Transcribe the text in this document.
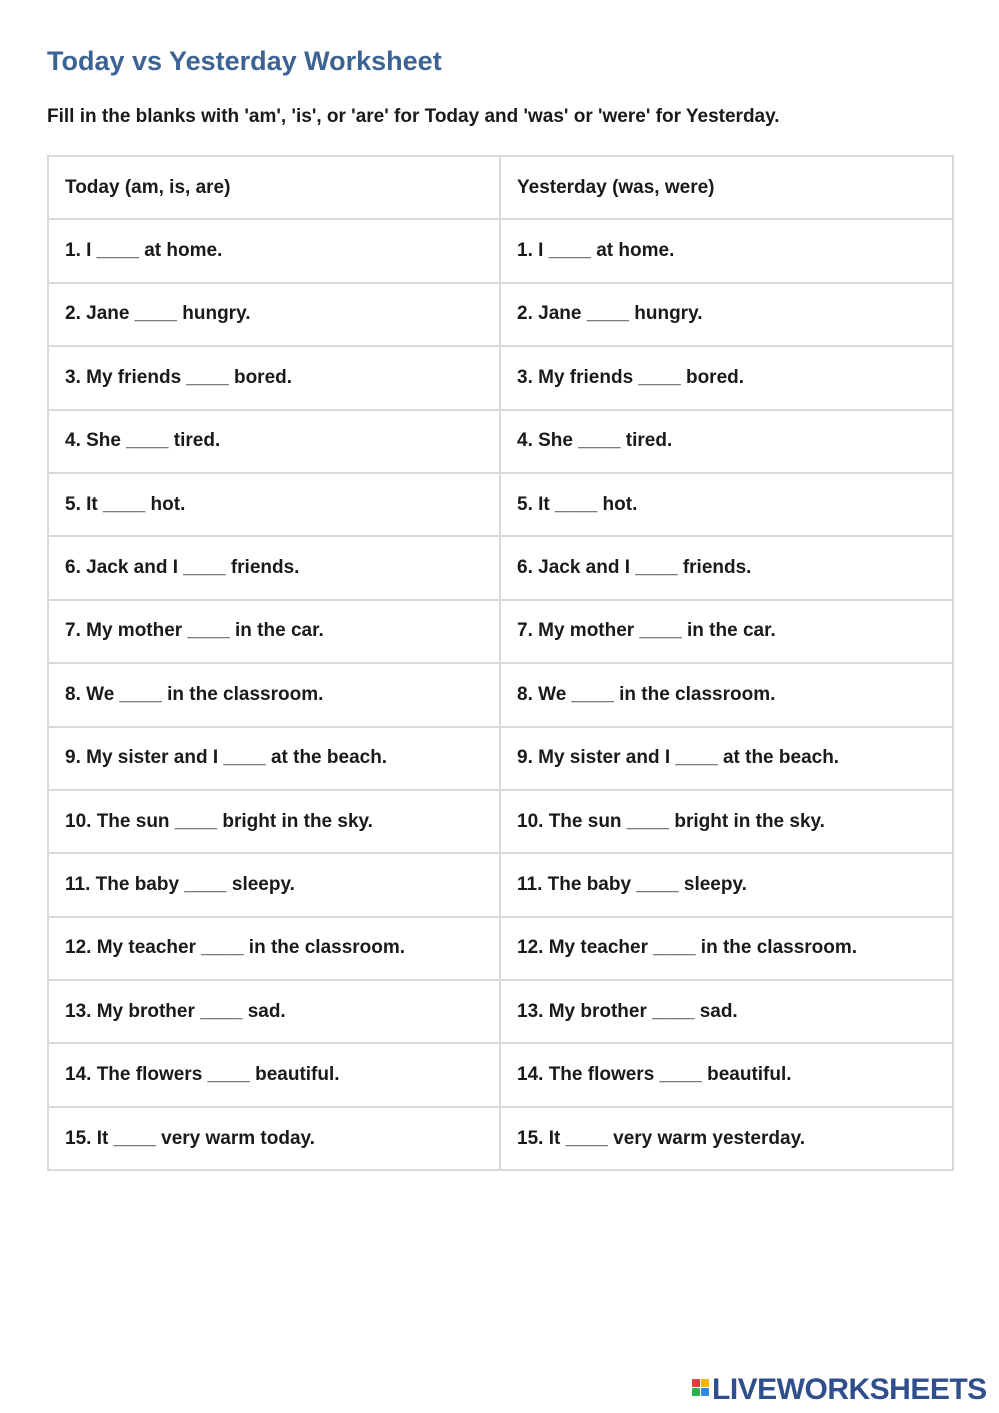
Today vs Yesterday Worksheet

Fill in the blanks with 'am', 'is', or 'are' for Today and 'was' or 'were' for Yesterday.

Today (am, is, are)	Yesterday (was, were)
1. I ____ at home.	1. I ____ at home.
2. Jane ____ hungry.	2. Jane ____ hungry.
3. My friends ____ bored.	3. My friends ____ bored.
4. She ____ tired.	4. She ____ tired.
5. It ____ hot.	5. It ____ hot.
6. Jack and I ____ friends.	6. Jack and I ____ friends.
7. My mother ____ in the car.	7. My mother ____ in the car.
8. We ____ in the classroom.	8. We ____ in the classroom.
9. My sister and I ____ at the beach.	9. My sister and I ____ at the beach.
10. The sun ____ bright in the sky.	10. The sun ____ bright in the sky.
11. The baby ____ sleepy.	11. The baby ____ sleepy.
12. My teacher ____ in the classroom.	12. My teacher ____ in the classroom.
13. My brother ____ sad.	13. My brother ____ sad.
14. The flowers ____ beautiful.	14. The flowers ____ beautiful.
15. It ____ very warm today.	15. It ____ very warm yesterday.
LIVEWORKSHEETS
